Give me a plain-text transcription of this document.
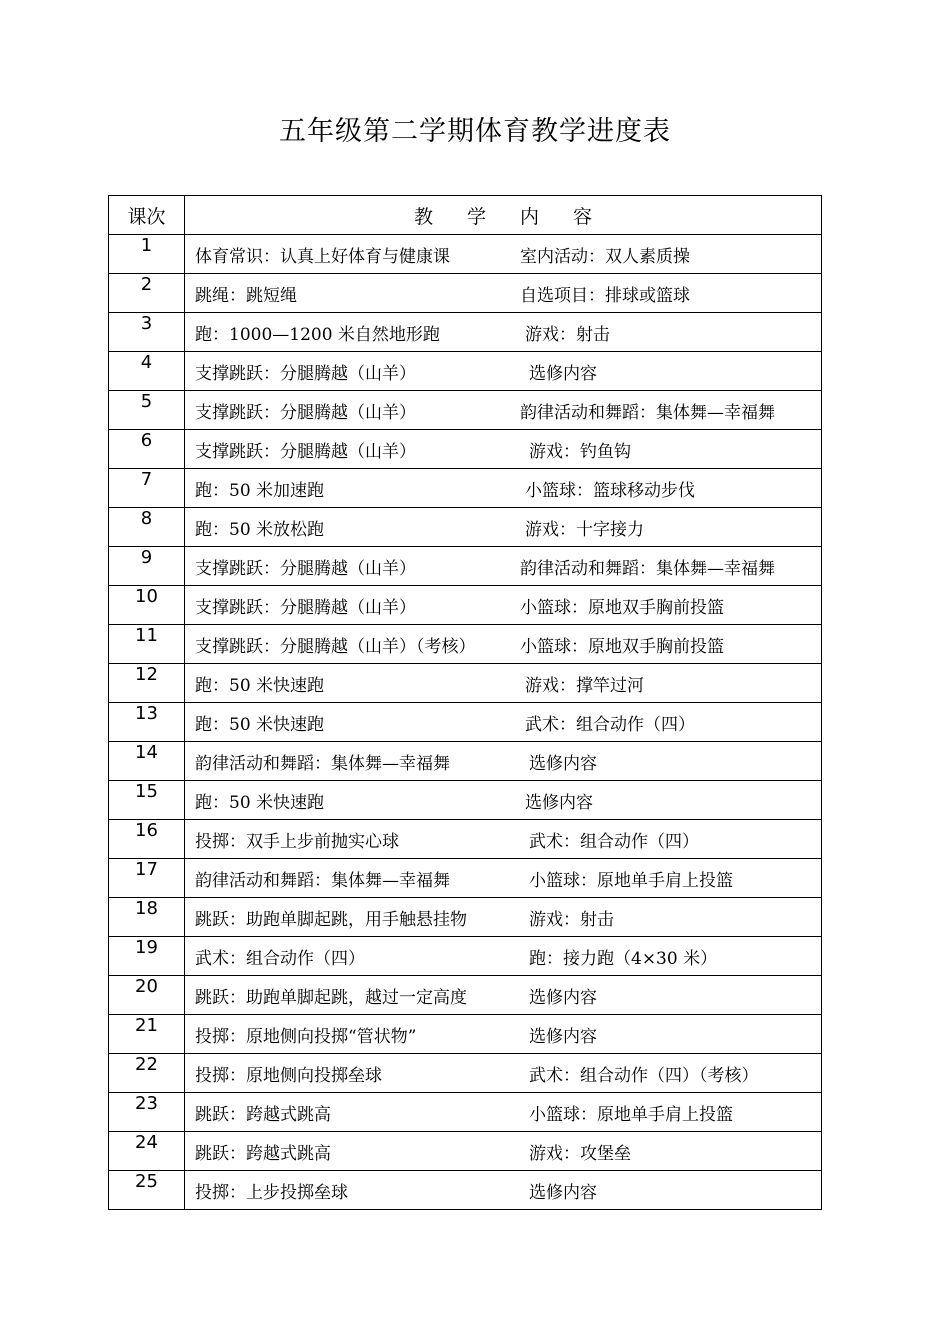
五年级第二学期体育教学进度表
课次	教学内容
1	体育常识：认真上好体育与健康课 室内活动：双人素质操

2	跳绳：跳短绳 自选项目：排球或篮球

3	跑：1000—1200 米自然地形跑 游戏：射击

4	支撑跳跃：分腿腾越（山羊） 选修内容

5	支撑跳跃：分腿腾越（山羊） 韵律活动和舞蹈：集体舞—幸福舞

6	支撑跳跃：分腿腾越（山羊） 游戏：钓鱼钩

7	跑：50 米加速跑 小篮球：篮球移动步伐

8	跑：50 米放松跑 游戏：十字接力

9	支撑跳跃：分腿腾越（山羊） 韵律活动和舞蹈：集体舞—幸福舞

10	支撑跳跃：分腿腾越（山羊） 小篮球：原地双手胸前投篮

11	支撑跳跃：分腿腾越（山羊）（考核） 小篮球：原地双手胸前投篮

12	跑：50 米快速跑 游戏：撑竿过河

13	跑：50 米快速跑 武术：组合动作（四）

14	韵律活动和舞蹈：集体舞—幸福舞 选修内容

15	跑：50 米快速跑 选修内容

16	投掷：双手上步前抛实心球 武术：组合动作（四）

17	韵律活动和舞蹈：集体舞—幸福舞 小篮球：原地单手肩上投篮

18	跳跃：助跑单脚起跳，用手触悬挂物 游戏：射击

19	武术：组合动作（四） 跑：接力跑（4×30 米）

20	跳跃：助跑单脚起跳，越过一定高度 选修内容

21	投掷：原地侧向投掷“管状物” 选修内容

22	投掷：原地侧向投掷垒球 武术：组合动作（四）（考核）

23	跳跃：跨越式跳高 小篮球：原地单手肩上投篮

24	跳跃：跨越式跳高 游戏：攻堡垒

25	投掷：上步投掷垒球 选修内容
